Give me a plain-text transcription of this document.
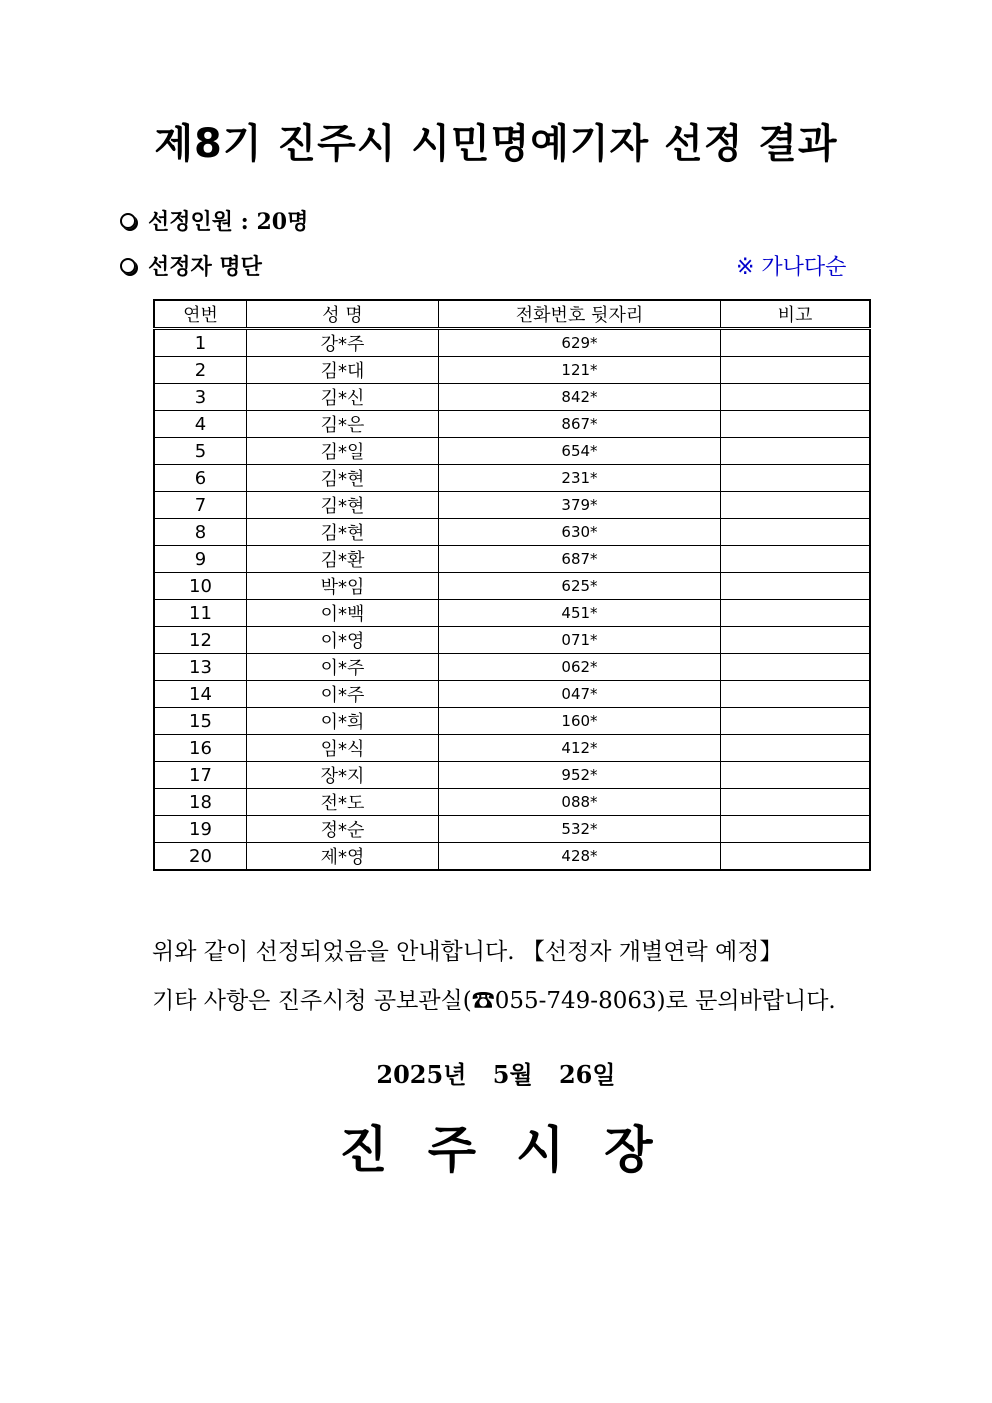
제8기 진주시 시민명예기자 선정 결과
선정인원 : 20명
선정자 명단	※ 가나다순
연번	성 명	전화번호 뒷자리	비고
1	강*주	629*	
2	김*대	121*	
3	김*신	842*	
4	김*은	867*	
5	김*일	654*	
6	김*현	231*	
7	김*현	379*	
8	김*현	630*	
9	김*환	687*	
10	박*임	625*	
11	이*백	451*	
12	이*영	071*	
13	이*주	062*	
14	이*주	047*	
15	이*희	160*	
16	임*식	412*	
17	장*지	952*	
18	전*도	088*	
19	정*순	532*	
20	제*영	428*	
위와 같이 선정되었음을 안내합니다. 【선정자 개별연락 예정】
기타 사항은 진주시청 공보관실(☎055-749-8063)로 문의바랍니다.
2025년 5월 26일
진주시장
